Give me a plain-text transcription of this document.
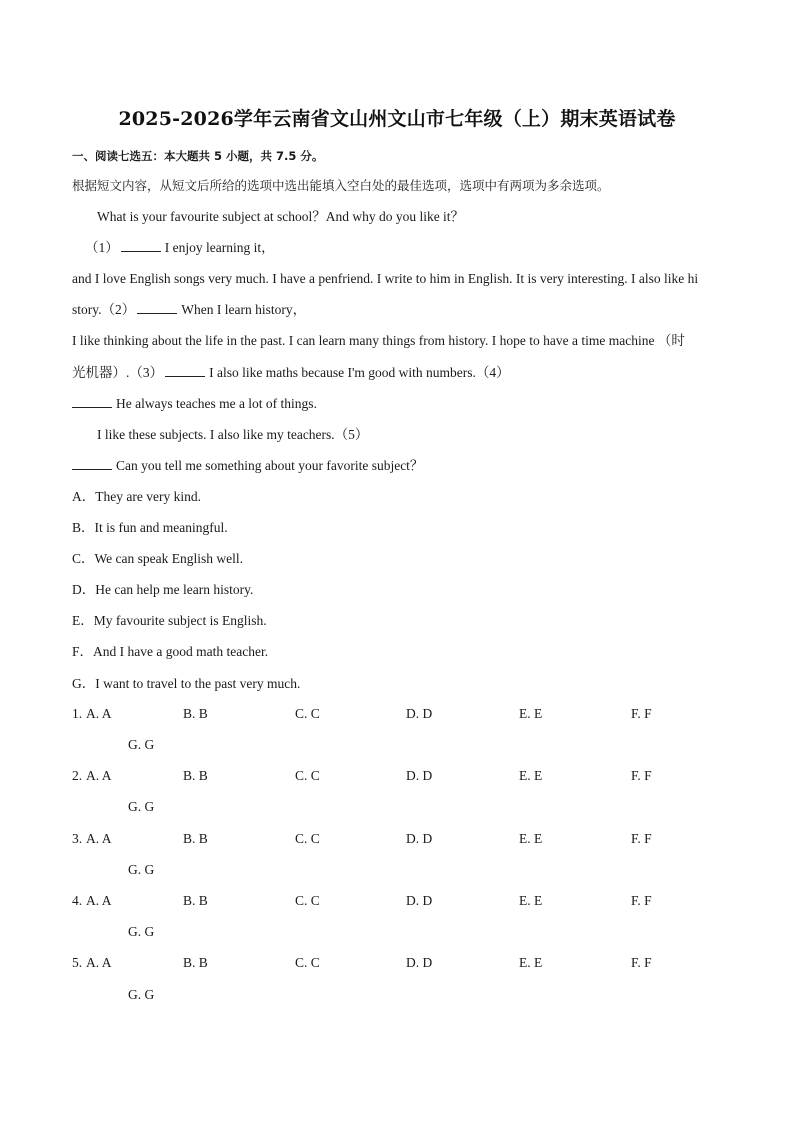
2025-2026学年云南省文山州文山市七年级（上）期末英语试卷
一、阅读七选五：本大题共 5 小题，共 7.5 分。
根据短文内容，从短文后所给的选项中选出能填入空白处的最佳选项，选项中有两项为多余选项。
What is your favourite subject at school？And why do you like it？
（1）	I enjoy learning it，
and I love English songs very much. I have a penfriend. I write to him in English. It is very interesting. I also like hi
story.（2）	When I learn history，
I like thinking about the life in the past. I can learn many things from history. I hope to have a time machine （时
光机器）.（3）	I also like maths because I'm good with numbers.（4）
He always teaches me a lot of things.
I like these subjects. I also like my teachers.（5）
Can you tell me something about your favorite subject？
A．They are very kind.
B．It is fun and meaningful.
C．We can speak English well.
D．He can help me learn history.
E．My favourite subject is English.
F．And I have a good math teacher.
G．I want to travel to the past very much.
1. A. A	B. B	C. C	D. D	E. E	F. F
G. G
2. A. A	B. B	C. C	D. D	E. E	F. F
G. G
3. A. A	B. B	C. C	D. D	E. E	F. F
G. G
4. A. A	B. B	C. C	D. D	E. E	F. F
G. G
5. A. A	B. B	C. C	D. D	E. E	F. F
G. G
